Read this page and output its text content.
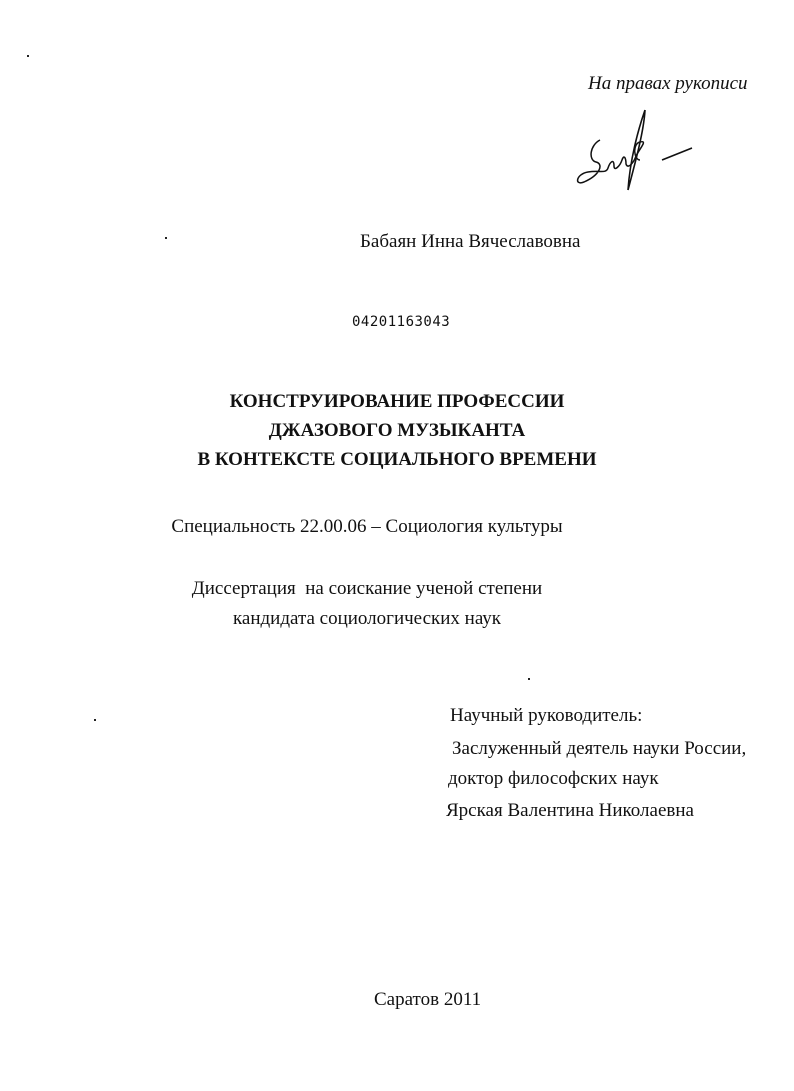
На правах рукописи
Бабаян Инна Вячеславовна
04201163043
КОНСТРУИРОВАНИЕ ПРОФЕССИИ
ДЖАЗОВОГО МУЗЫКАНТА
В КОНТЕКСТЕ СОЦИАЛЬНОГО ВРЕМЕНИ
Специальность 22.00.06 – Социология культуры
Диссертация  на соискание ученой степени
кандидата социологических наук
Научный руководитель:
Заслуженный деятель науки России,
доктор философских наук
Ярская Валентина Николаевна
Саратов 2011
